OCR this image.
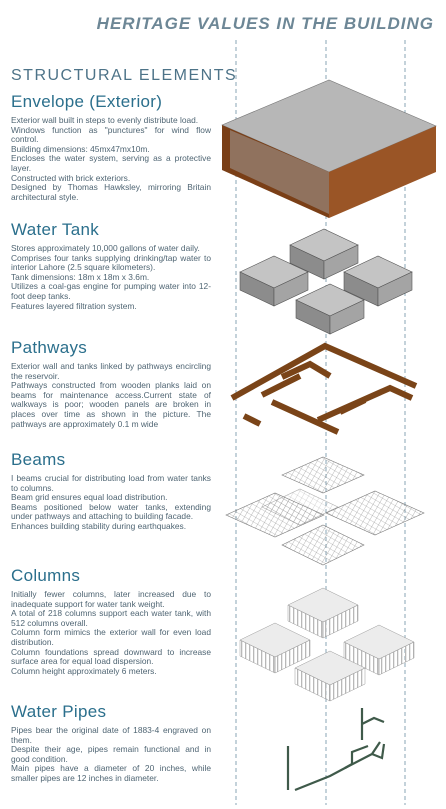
HERITAGE VALUES IN THE BUILDING
STRUCTURAL ELEMENTS
Envelope (Exterior)
Exterior wall built in steps to evenly distribute load.
Windows function as "punctures" for wind flow control.
Building dimensions: 45mx47mx10m.
Encloses the water system, serving as a protective layer.
Constructed with brick exteriors.
Designed by Thomas Hawksley, mirroring Britain architectural style.
Water Tank
Stores approximately 10,000 gallons of water daily.
Comprises four tanks supplying drinking/tap water to interior Lahore (2.5 square kilometers).
Tank dimensions: 18m x 18m x 3.6m.
Utilizes a coal-gas engine for pumping water into 12-foot deep tanks.
Features layered filtration system.
Pathways
Exterior wall and tanks linked by pathways encircling the reservoir.
Pathways constructed from wooden planks laid on beams for maintenance access.Current state of walkways is poor; wooden panels are broken in places over time as shown in the picture. The pathways are approximately 0.1 m wide
Beams
I beams crucial for distributing load from water tanks to columns.
Beam grid ensures equal load distribution.
Beams positioned below water tanks, extending under pathways and attaching to building facade.
Enhances building stability during earthquakes.
Columns
Initially fewer columns, later increased due to inadequate support for water tank weight.
A total of 218 columns support each water tank, with 512 columns overall.
Column form mimics the exterior wall for even load distribution.
Column foundations spread downward to increase surface area for equal load dispersion.
Column height approximately 6 meters.
Water Pipes
Pipes bear the original date of 1883-4 engraved on them.
Despite their age, pipes remain functional and in good condition.
Main pipes have a diameter of 20 inches, while smaller pipes are 12 inches in diameter.
